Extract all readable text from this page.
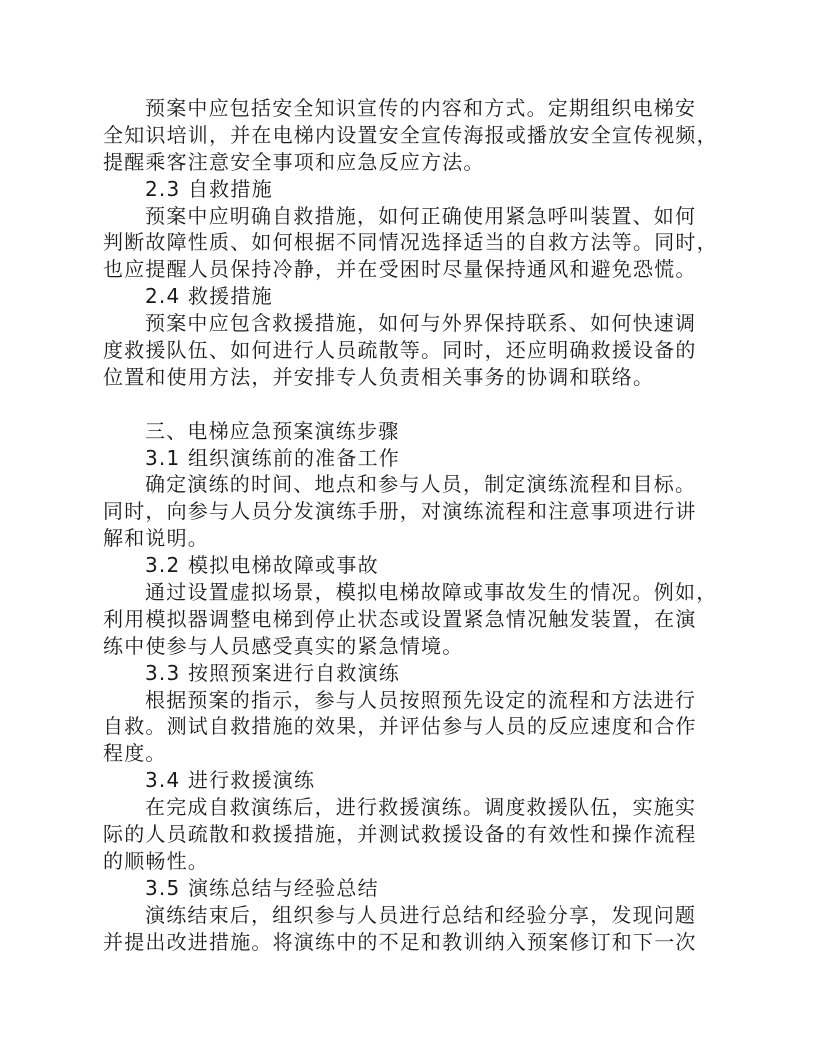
预案中应包括安全知识宣传的内容和方式。定期组织电梯安
全知识培训，并在电梯内设置安全宣传海报或播放安全宣传视频，
提醒乘客注意安全事项和应急反应方法。
2.3 自救措施
预案中应明确自救措施，如何正确使用紧急呼叫装置、如何
判断故障性质、如何根据不同情况选择适当的自救方法等。同时，
也应提醒人员保持冷静，并在受困时尽量保持通风和避免恐慌。
2.4 救援措施
预案中应包含救援措施，如何与外界保持联系、如何快速调
度救援队伍、如何进行人员疏散等。同时，还应明确救援设备的
位置和使用方法，并安排专人负责相关事务的协调和联络。
三、电梯应急预案演练步骤
3.1 组织演练前的准备工作
确定演练的时间、地点和参与人员，制定演练流程和目标。
同时，向参与人员分发演练手册，对演练流程和注意事项进行讲
解和说明。
3.2 模拟电梯故障或事故
通过设置虚拟场景，模拟电梯故障或事故发生的情况。例如，
利用模拟器调整电梯到停止状态或设置紧急情况触发装置，在演
练中使参与人员感受真实的紧急情境。
3.3 按照预案进行自救演练
根据预案的指示，参与人员按照预先设定的流程和方法进行
自救。测试自救措施的效果，并评估参与人员的反应速度和合作
程度。
3.4 进行救援演练
在完成自救演练后，进行救援演练。调度救援队伍，实施实
际的人员疏散和救援措施，并测试救援设备的有效性和操作流程
的顺畅性。
3.5 演练总结与经验总结
演练结束后，组织参与人员进行总结和经验分享，发现问题
并提出改进措施。将演练中的不足和教训纳入预案修订和下一次
